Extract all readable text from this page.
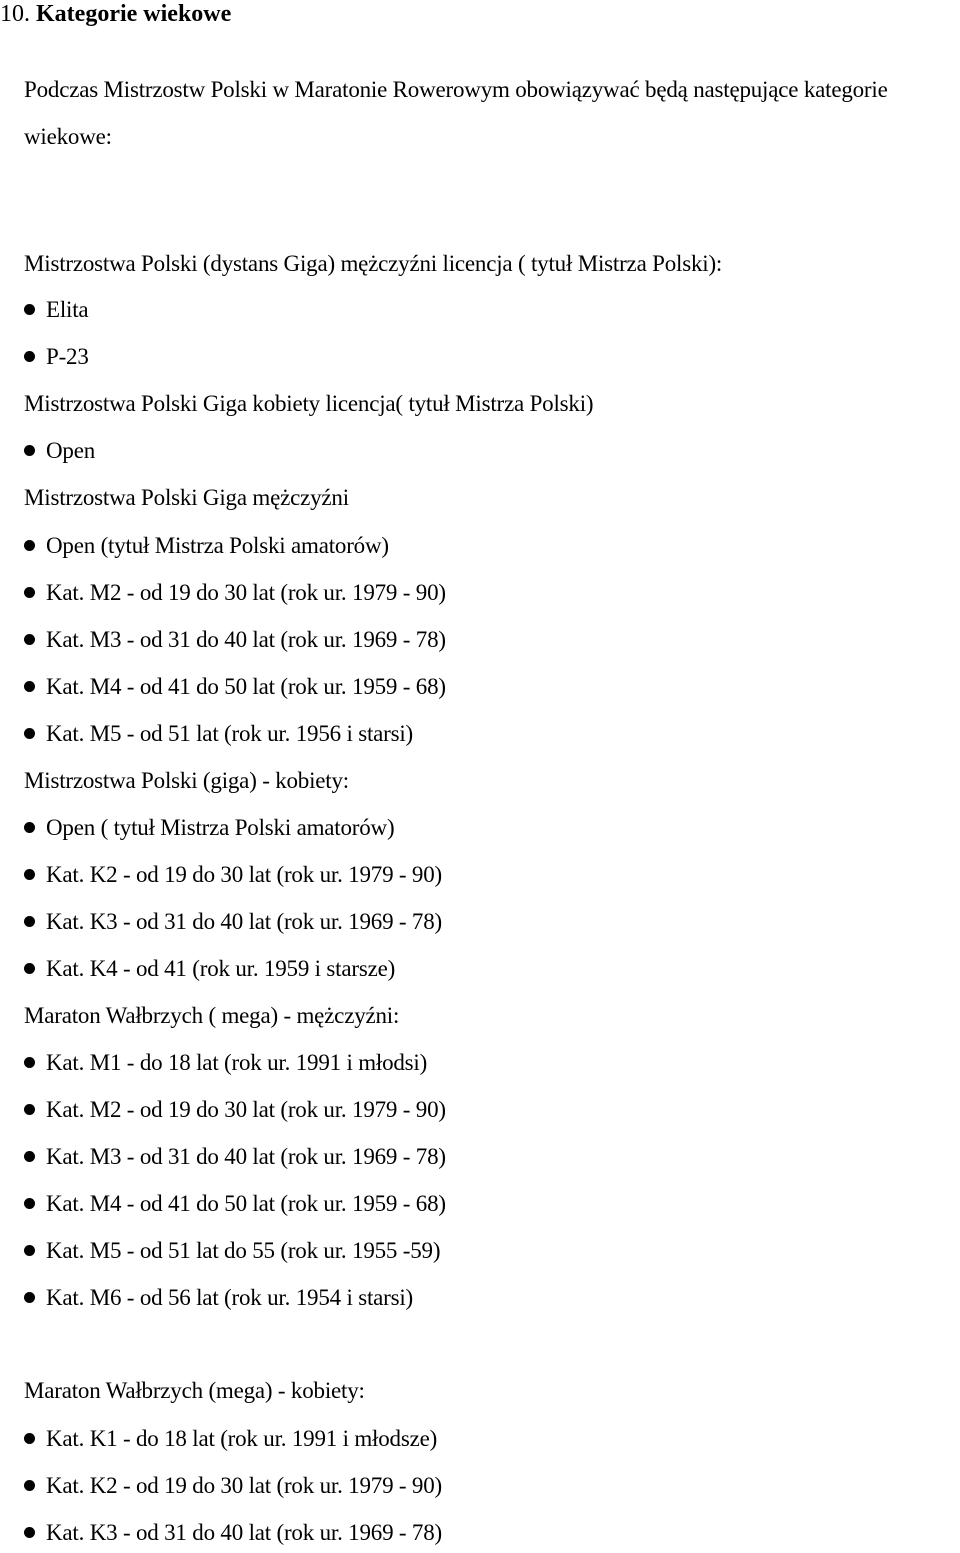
10. Kategorie wiekowe
Podczas Mistrzostw Polski w Maratonie Rowerowym obowiązywać będą następujące kategorie wiekowe:
Mistrzostwa Polski (dystans Giga) mężczyźni licencja ( tytuł Mistrza Polski):
Elita
P-23
Mistrzostwa Polski Giga kobiety licencja( tytuł Mistrza Polski)
Open
Mistrzostwa Polski Giga mężczyźni
Open (tytuł Mistrza Polski amatorów)
Kat. M2 - od 19 do 30 lat (rok ur. 1979 - 90)
Kat. M3 - od 31 do 40 lat (rok ur. 1969 - 78)
Kat. M4 - od 41 do 50 lat (rok ur. 1959 - 68)
Kat. M5 - od 51 lat (rok ur. 1956 i starsi)
Mistrzostwa Polski (giga) - kobiety:
Open ( tytuł Mistrza Polski amatorów)
Kat. K2 - od 19 do 30 lat (rok ur. 1979 - 90)
Kat. K3 - od 31 do 40 lat (rok ur. 1969 - 78)
Kat. K4 - od 41 (rok ur. 1959 i starsze)
Maraton Wałbrzych ( mega) - mężczyźni:
Kat. M1 - do 18 lat (rok ur. 1991 i młodsi)
Kat. M2 - od 19 do 30 lat (rok ur. 1979 - 90)
Kat. M3 - od 31 do 40 lat (rok ur. 1969 - 78)
Kat. M4 - od 41 do 50 lat (rok ur. 1959 - 68)
Kat. M5 - od 51 lat do 55 (rok ur. 1955 -59)
Kat. M6 - od 56 lat (rok ur. 1954 i starsi)
Maraton Wałbrzych (mega) - kobiety:
Kat. K1 - do 18 lat (rok ur. 1991 i młodsze)
Kat. K2 - od 19 do 30 lat (rok ur. 1979 - 90)
Kat. K3 - od 31 do 40 lat (rok ur. 1969 - 78)
